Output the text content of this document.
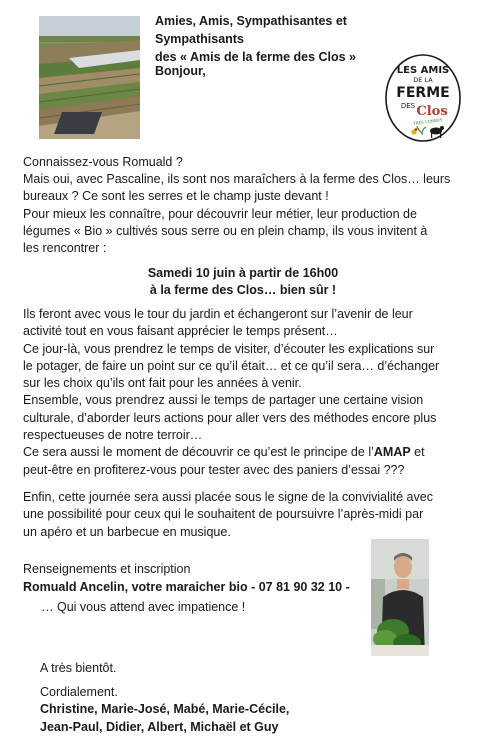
Amies, Amis, Sympathisantes et Sympathisants
des « Amis de la ferme des Clos »
Bonjour,	LES AMIS
DE LA
FERME
DES Clos
TRES CONNUS

Connaissez-vous Romuald ?

Mais oui, avec Pascaline, ils sont nos maraîchers à la ferme des Clos… leurs

bureaux ? Ce sont les serres et le champ juste devant !

Pour mieux les connaître, pour découvrir leur métier, leur production de

légumes « Bio » cultivés sous serre ou en plein champ, ils vous invitent à

les rencontrer :

Samedi 10 juin à partir de 16h00
à la ferme des Clos… bien sûr !

Ils feront avec vous le tour du jardin et échangeront sur l’avenir de leur

activité tout en vous faisant apprécier le temps présent…

Ce jour-là, vous prendrez le temps de visiter, d’écouter les explications sur

le potager, de faire un point sur ce qu’il était… et ce qu’il sera… d’échanger

sur les choix qu’ils ont fait pour les années à venir.

Ensemble, vous prendrez aussi le temps de partager une certaine vision

culturale, d’aborder leurs actions pour aller vers des méthodes encore plus

respectueuses de notre terroir…

Ce sera aussi le moment de découvrir ce qu’est le principe de l’AMAP et

peut-être en profiterez-vous pour tester avec des paniers d’essai ???

Enfin, cette journée sera aussi placée sous le signe de la convivialité avec

une possibilité pour ceux qui le souhaitent de poursuivre l’après-midi par

un apéro et un barbecue en musique.

Renseignements et inscription
Romuald Ancelin, votre maraicher bio - 07 81 90 32 10 -
… Qui vous attend avec impatience !

A très bientôt.

Cordialement.

Christine, Marie-José, Mabé, Marie-Cécile,

Jean-Paul, Didier, Albert, Michaël et Guy
